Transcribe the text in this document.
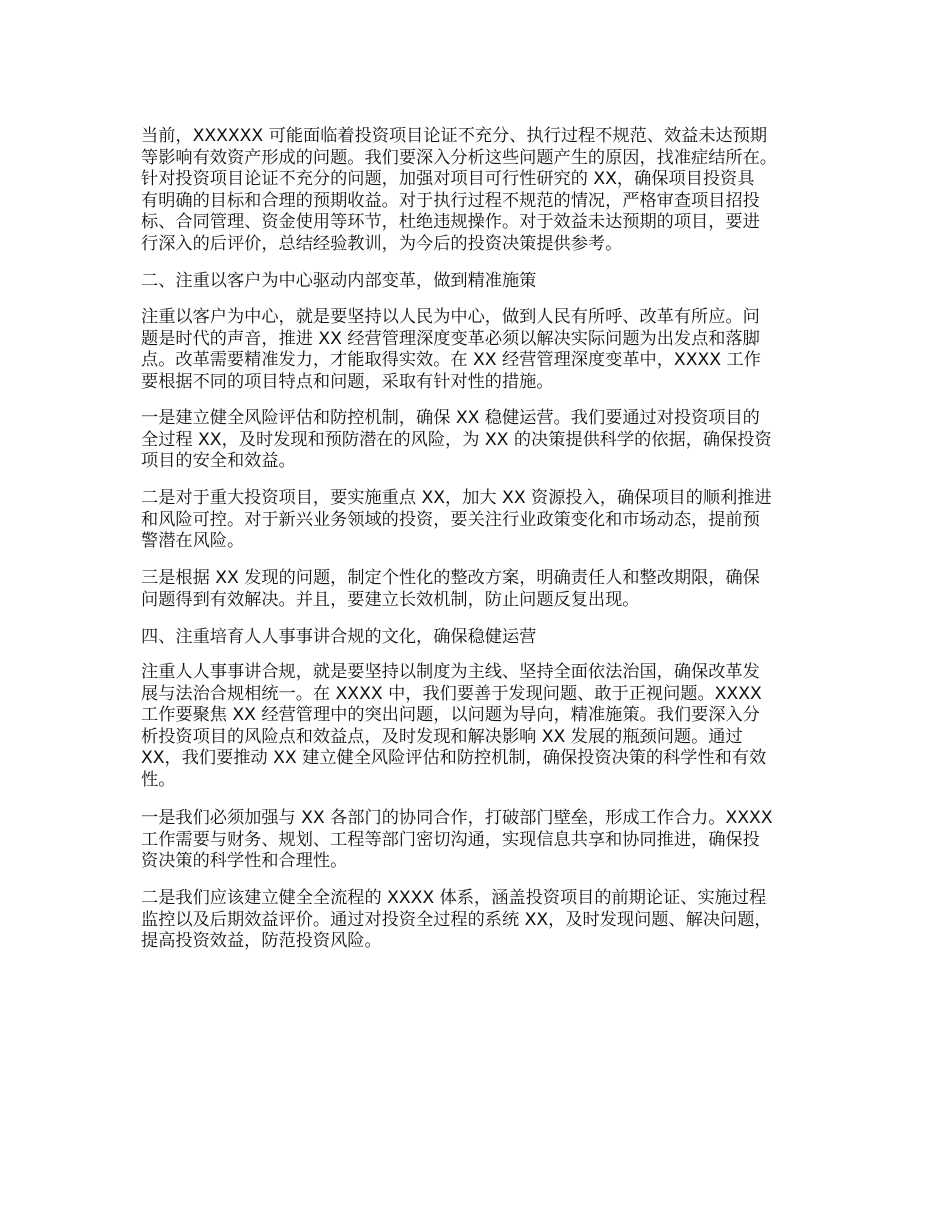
当前，XXXXXX 可能面临着投资项目论证不充分、执行过程不规范、效益未达预期
等影响有效资产形成的问题。我们要深入分析这些问题产生的原因，找准症结所在。
针对投资项目论证不充分的问题，加强对项目可行性研究的 XX，确保项目投资具
有明确的目标和合理的预期收益。对于执行过程不规范的情况，严格审查项目招投
标、合同管理、资金使用等环节，杜绝违规操作。对于效益未达预期的项目，要进
行深入的后评价，总结经验教训，为今后的投资决策提供参考。
二、注重以客户为中心驱动内部变革，做到精准施策
注重以客户为中心，就是要坚持以人民为中心，做到人民有所呼、改革有所应。问
题是时代的声音，推进 XX 经营管理深度变革必须以解决实际问题为出发点和落脚
点。改革需要精准发力，才能取得实效。在 XX 经营管理深度变革中，XXXX 工作
要根据不同的项目特点和问题，采取有针对性的措施。
一是建立健全风险评估和防控机制，确保 XX 稳健运营。我们要通过对投资项目的
全过程 XX，及时发现和预防潜在的风险，为 XX 的决策提供科学的依据，确保投资
项目的安全和效益。
二是对于重大投资项目，要实施重点 XX，加大 XX 资源投入，确保项目的顺利推进
和风险可控。对于新兴业务领域的投资，要关注行业政策变化和市场动态，提前预
警潜在风险。
三是根据 XX 发现的问题，制定个性化的整改方案，明确责任人和整改期限，确保
问题得到有效解决。并且，要建立长效机制，防止问题反复出现。
四、注重培育人人事事讲合规的文化，确保稳健运营
注重人人事事讲合规，就是要坚持以制度为主线、坚持全面依法治国，确保改革发
展与法治合规相统一。在 XXXX 中，我们要善于发现问题、敢于正视问题。XXXX
工作要聚焦 XX 经营管理中的突出问题，以问题为导向，精准施策。我们要深入分
析投资项目的风险点和效益点，及时发现和解决影响 XX 发展的瓶颈问题。通过
XX，我们要推动 XX 建立健全风险评估和防控机制，确保投资决策的科学性和有效
性。
一是我们必须加强与 XX 各部门的协同合作，打破部门壁垒，形成工作合力。XXXX
工作需要与财务、规划、工程等部门密切沟通，实现信息共享和协同推进，确保投
资决策的科学性和合理性。
二是我们应该建立健全全流程的 XXXX 体系，涵盖投资项目的前期论证、实施过程
监控以及后期效益评价。通过对投资全过程的系统 XX，及时发现问题、解决问题，
提高投资效益，防范投资风险。
